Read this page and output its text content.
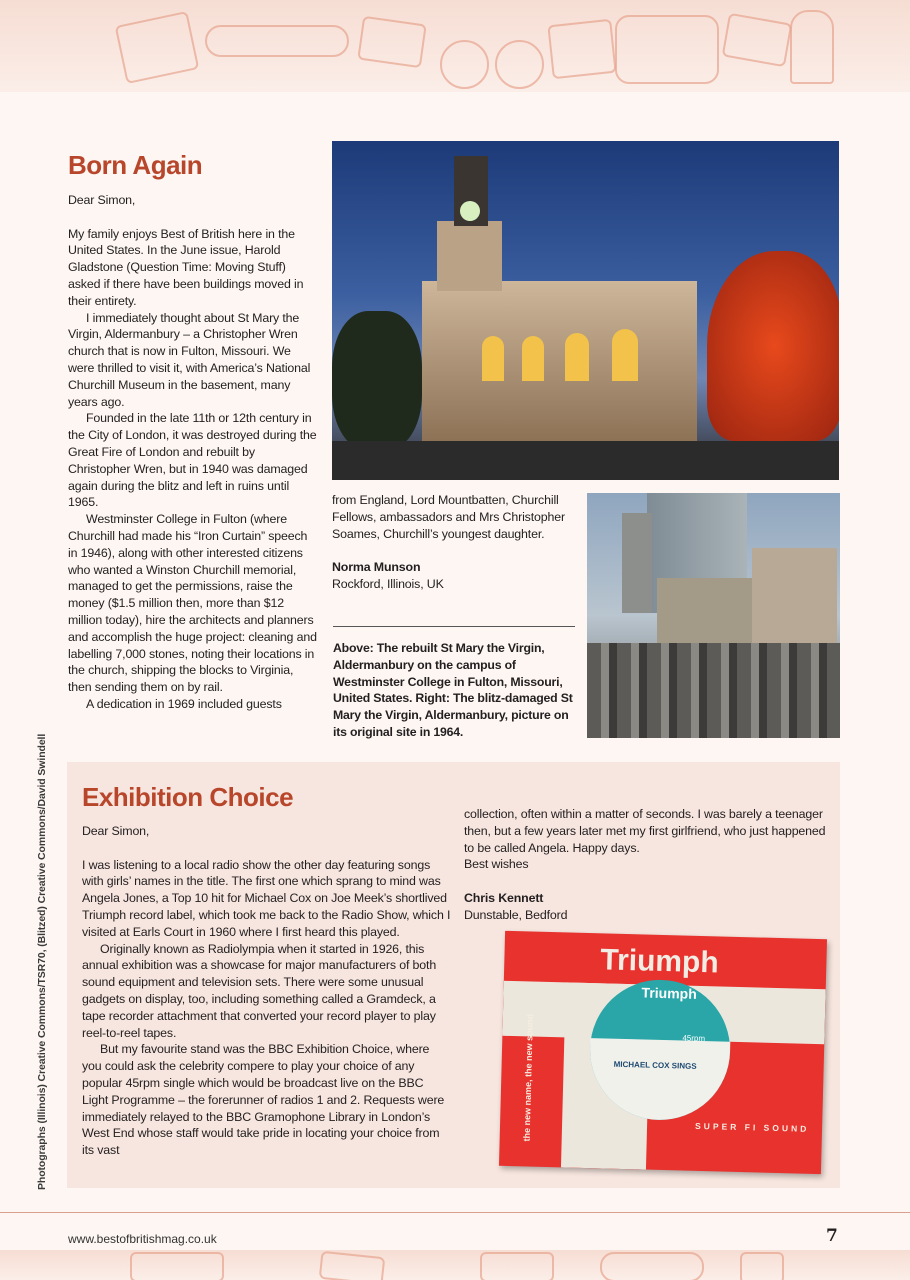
Born Again

Dear Simon,

My family enjoys Best of British here in the United States. In the June issue, Harold Gladstone (Question Time: Moving Stuff) asked if there have been buildings moved in their entirety.

I immediately thought about St Mary the Virgin, Aldermanbury – a Christopher Wren church that is now in Fulton, Missouri. We were thrilled to visit it, with America’s National Churchill Museum in the basement, many years ago.

Founded in the late 11th or 12th century in the City of London, it was destroyed during the Great Fire of London and rebuilt by Christopher Wren, but in 1940 was damaged again during the blitz and left in ruins until 1965.

Westminster College in Fulton (where Churchill had made his “Iron Curtain” speech in 1946), along with other interested citizens who wanted a Winston Churchill memorial, managed to get the permissions, raise the money ($1.5 million then, more than $12 million today), hire the architects and planners and accomplish the huge project: cleaning and labelling 7,000 stones, noting their locations in the church, shipping the blocks to Virginia, then sending them on by rail.

A dedication in 1969 included guests

from England, Lord Mountbatten, Churchill Fellows, ambassadors and Mrs Christopher Soames, Churchill’s youngest daughter.

Norma Munson

Rockford, Illinois, UK

Above: The rebuilt St Mary the Virgin, Aldermanbury on the campus of Westminster College in Fulton, Missouri, United States. Right: The blitz-damaged St Mary the Virgin, Aldermanbury, picture on its original site in 1964.
Exhibition Choice

Dear Simon,

I was listening to a local radio show the other day featuring songs with girls’ names in the title. The first one which sprang to mind was Angela Jones, a Top 10 hit for Michael Cox on Joe Meek’s shortlived Triumph record label, which took me back to the Radio Show, which I visited at Earls Court in 1960 where I first heard this played.

Originally known as Radiolympia when it started in 1926, this annual exhibition was a showcase for major manufacturers of both sound equipment and television sets. There were some unusual gadgets on display, too, including something called a Gramdeck, a tape recorder attachment that converted your record player to play reel-to-reel tapes.

But my favourite stand was the BBC Exhibition Choice, where you could ask the celebrity compere to play your choice of any popular 45rpm single which would be broadcast live on the BBC Light Programme – the forerunner of radios 1 and 2. Requests were immediately relayed to the BBC Gramophone Library in London’s West End whose staff would take pride in locating your choice from its vast

collection, often within a matter of seconds. I was barely a teenager then, but a few years later met my first girlfriend, who just happened to be called Angela. Happy days.

Best wishes

Chris Kennett

Dunstable, Bedford

Triumph
Triumph
45rpm
MICHAEL COX SINGS
SUPER FI SOUND
the new name, the new sound
Photographs (Illinois) Creative Commons/TSR70, (Blitzed) Creative Commons/David Swindell
www.bestofbritishmag.co.uk	7
